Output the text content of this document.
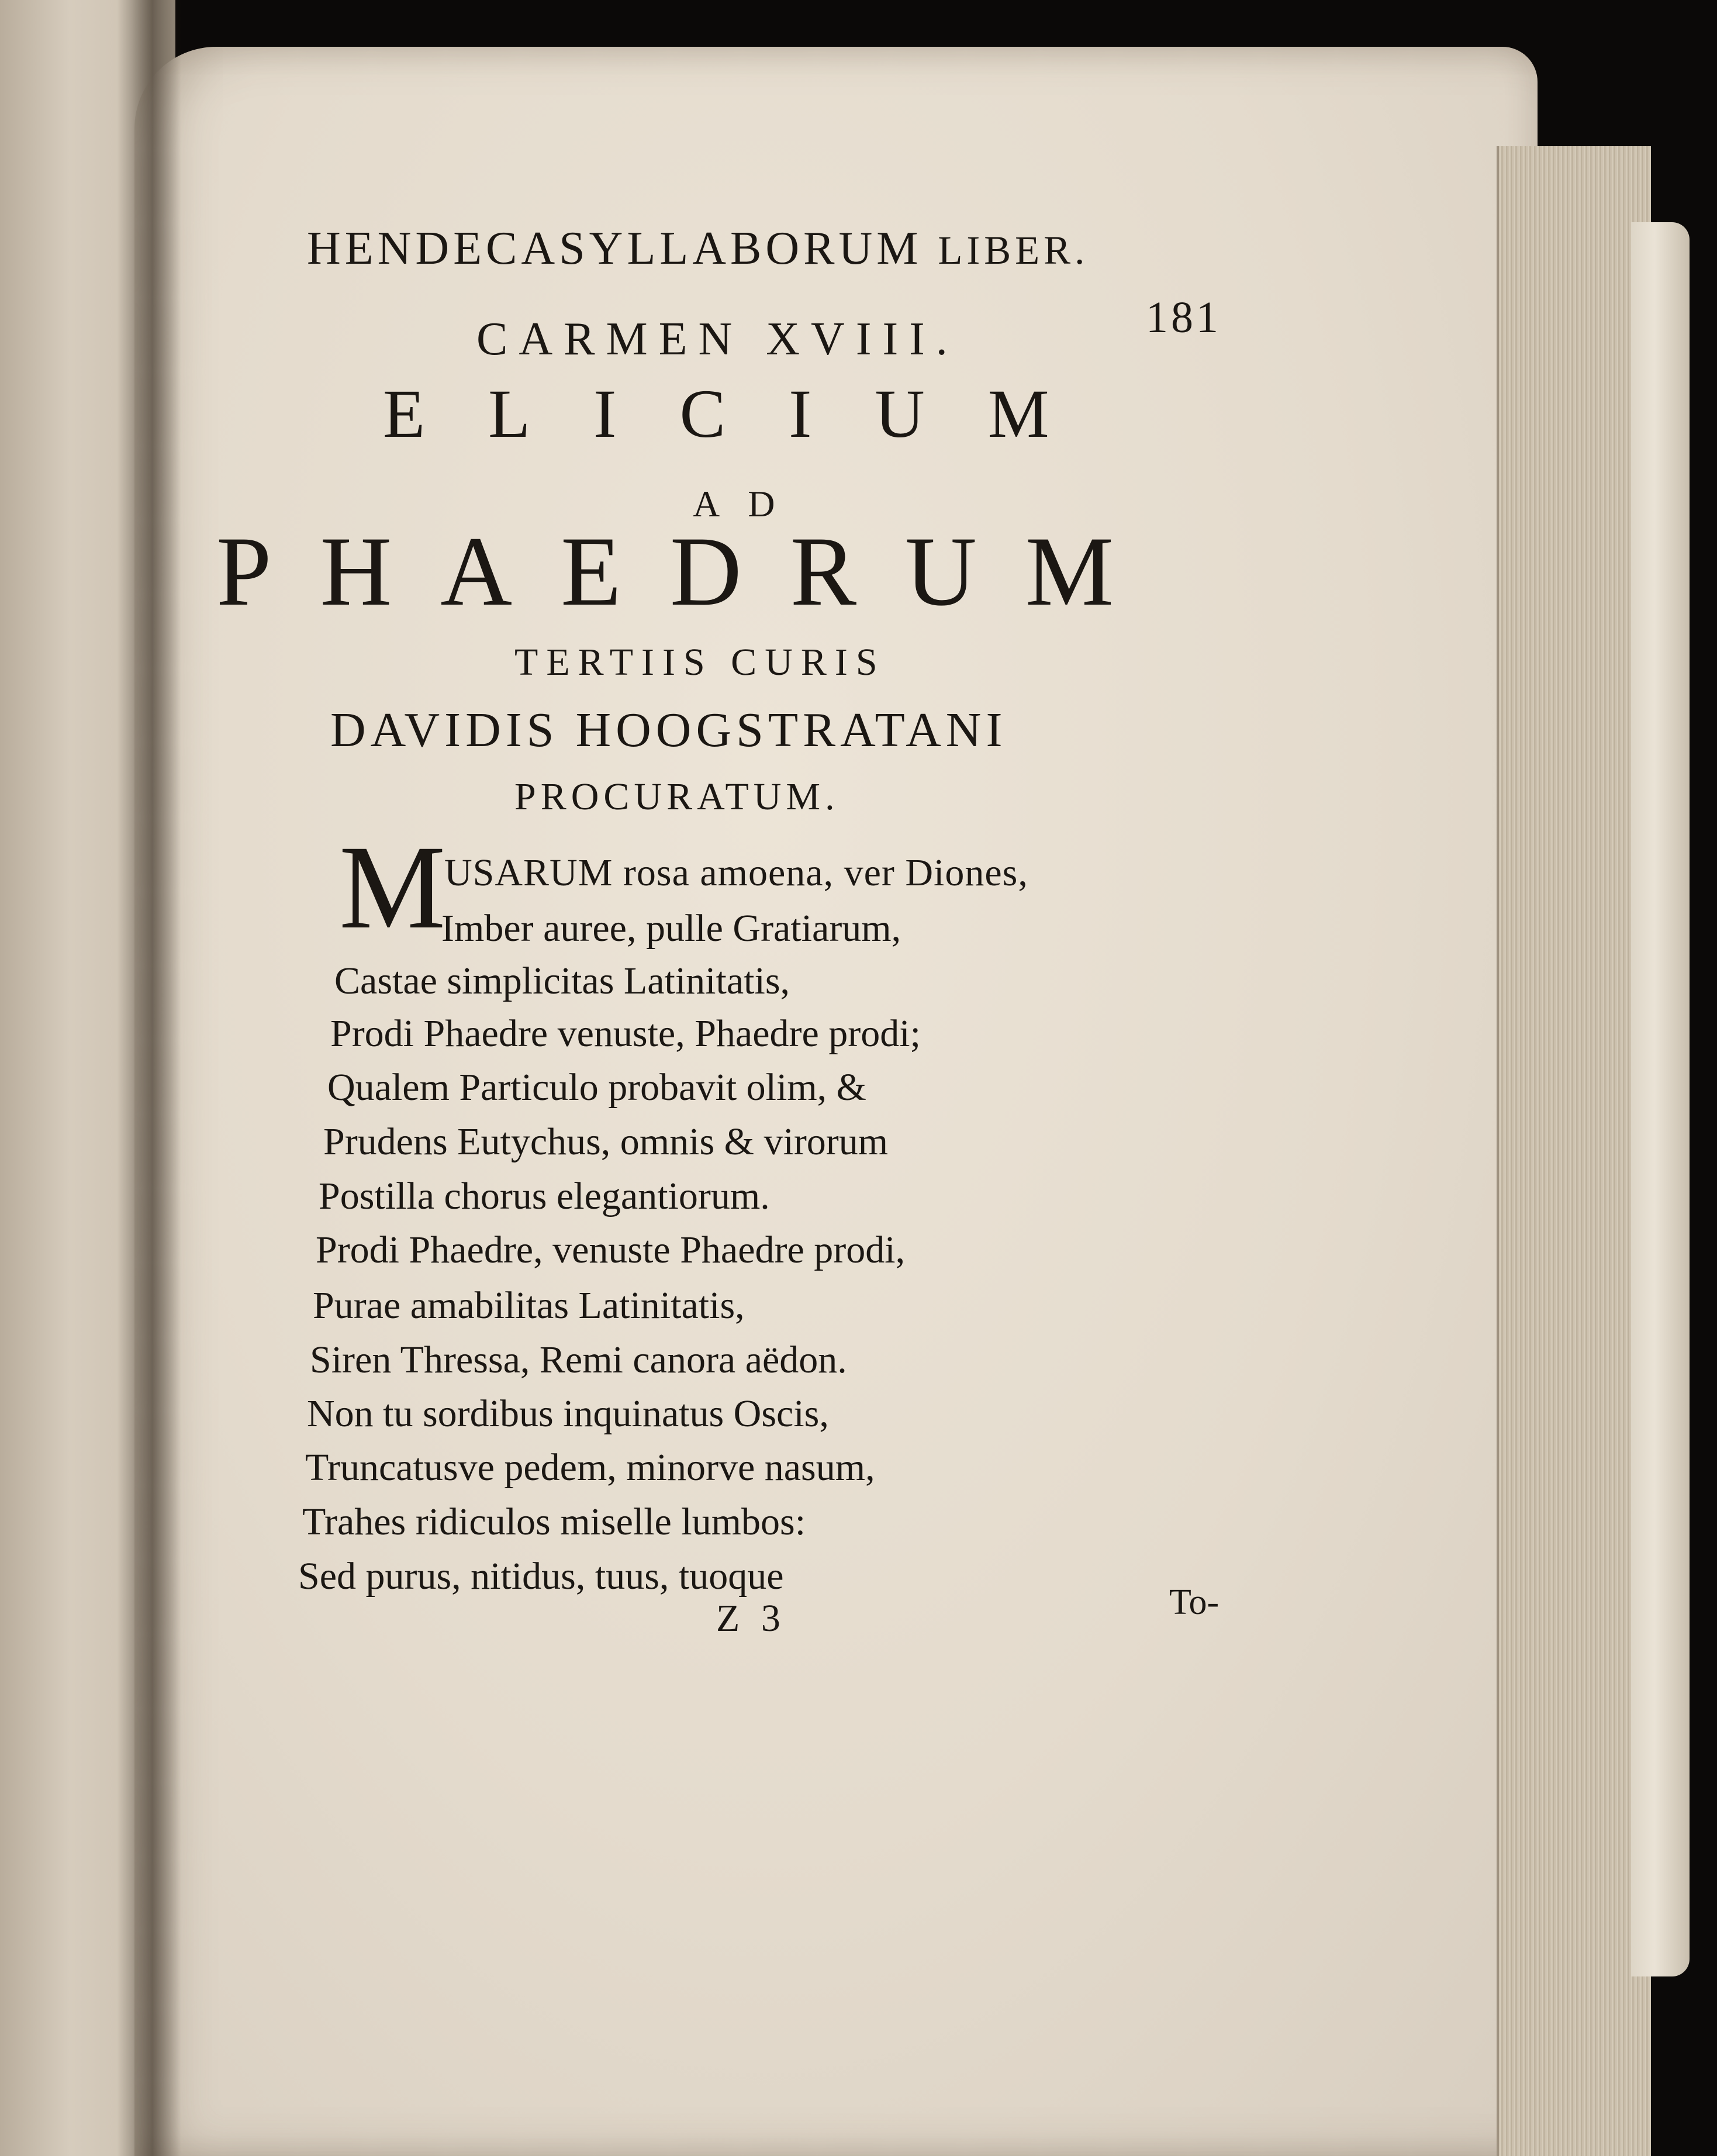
HENDECASYLLABORUM LIBER.
181
CARMEN XVIII.
ELICIUM
AD
PHAEDRUM
TERTIIS CURIS
DAVIDIS HOOGSTRATANI
PROCURATUM.
M
USARUM rosa amoena, ver Diones,
Imber auree, pulle Gratiarum,
Castae simplicitas Latinitatis,
Prodi Phaedre venuste, Phaedre prodi;
Qualem Particulo probavit olim, &
Prudens Eutychus, omnis & virorum
Postilla chorus elegantiorum.
Prodi Phaedre, venuste Phaedre prodi,
Purae amabilitas Latinitatis,
Siren Thressa, Remi canora aëdon.
Non tu sordibus inquinatus Oscis,
Truncatusve pedem, minorve nasum,
Trahes ridiculos miselle lumbos:
Sed purus, nitidus, tuus, tuoque
Z 3	To-
